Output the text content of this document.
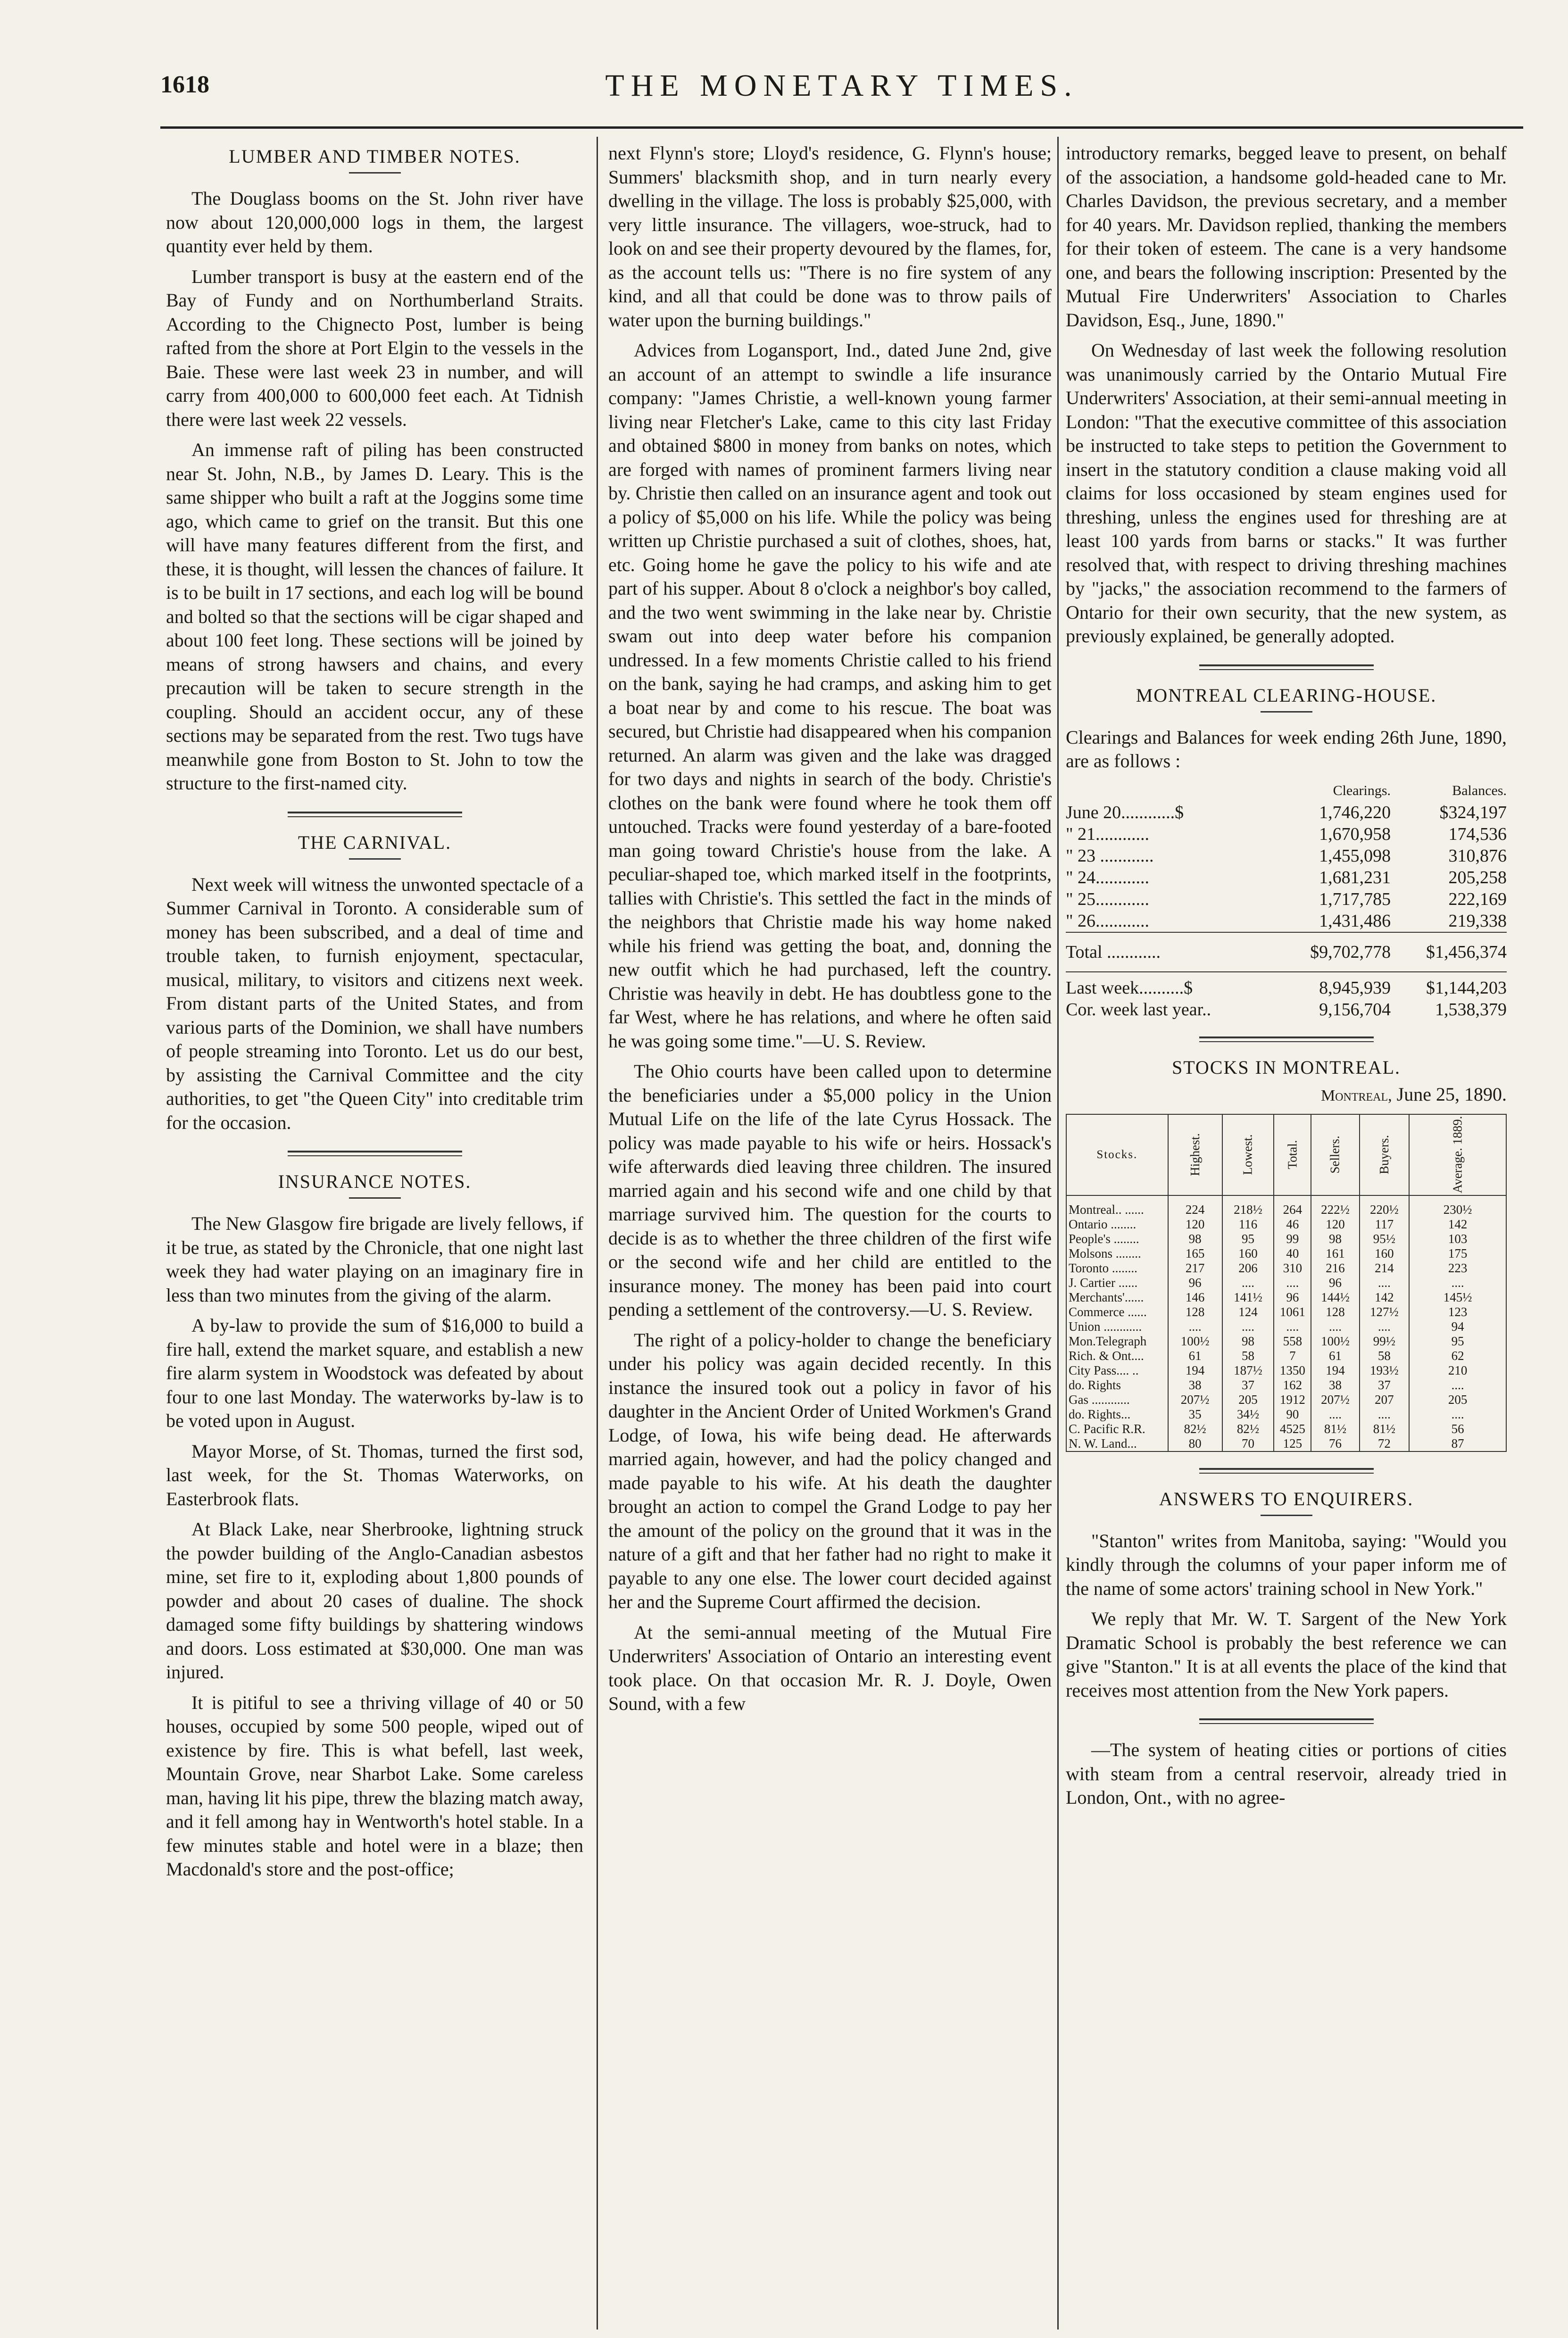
1618	THE MONETARY TIMES.
LUMBER AND TIMBER NOTES.

The Douglass booms on the St. John river have now about 120,000,000 logs in them, the largest quantity ever held by them.

Lumber transport is busy at the eastern end of the Bay of Fundy and on Northumberland Straits. According to the Chignecto Post, lumber is being rafted from the shore at Port Elgin to the vessels in the Baie. These were last week 23 in number, and will carry from 400,000 to 600,000 feet each. At Tidnish there were last week 22 vessels.

An immense raft of piling has been constructed near St. John, N.B., by James D. Leary. This is the same shipper who built a raft at the Joggins some time ago, which came to grief on the transit. But this one will have many features different from the first, and these, it is thought, will lessen the chances of failure. It is to be built in 17 sections, and each log will be bound and bolted so that the sections will be cigar shaped and about 100 feet long. These sections will be joined by means of strong hawsers and chains, and every precaution will be taken to secure strength in the coupling. Should an accident occur, any of these sections may be separated from the rest. Two tugs have meanwhile gone from Boston to St. John to tow the structure to the first-named city.

THE CARNIVAL.

Next week will witness the unwonted spectacle of a Summer Carnival in Toronto. A considerable sum of money has been subscribed, and a deal of time and trouble taken, to furnish enjoyment, spectacular, musical, military, to visitors and citizens next week. From distant parts of the United States, and from various parts of the Dominion, we shall have numbers of people streaming into Toronto. Let us do our best, by assisting the Carnival Committee and the city authorities, to get "the Queen City" into creditable trim for the occasion.

INSURANCE NOTES.

The New Glasgow fire brigade are lively fellows, if it be true, as stated by the Chronicle, that one night last week they had water playing on an imaginary fire in less than two minutes from the giving of the alarm.

A by-law to provide the sum of $16,000 to build a fire hall, extend the market square, and establish a new fire alarm system in Woodstock was defeated by about four to one last Monday. The waterworks by-law is to be voted upon in August.

Mayor Morse, of St. Thomas, turned the first sod, last week, for the St. Thomas Waterworks, on Easterbrook flats.

At Black Lake, near Sherbrooke, lightning struck the powder building of the Anglo-Canadian asbestos mine, set fire to it, exploding about 1,800 pounds of powder and about 20 cases of dualine. The shock damaged some fifty buildings by shattering windows and doors. Loss estimated at $30,000. One man was injured.

It is pitiful to see a thriving village of 40 or 50 houses, occupied by some 500 people, wiped out of existence by fire. This is what befell, last week, Mountain Grove, near Sharbot Lake. Some careless man, having lit his pipe, threw the blazing match away, and it fell among hay in Wentworth's hotel stable. In a few minutes stable and hotel were in a blaze; then Macdonald's store and the post-office;

next Flynn's store; Lloyd's residence, G. Flynn's house; Summers' blacksmith shop, and in turn nearly every dwelling in the village. The loss is probably $25,000, with very little insurance. The villagers, woe-struck, had to look on and see their property devoured by the flames, for, as the account tells us: "There is no fire system of any kind, and all that could be done was to throw pails of water upon the burning buildings."

Advices from Logansport, Ind., dated June 2nd, give an account of an attempt to swindle a life insurance company: "James Christie, a well-known young farmer living near Fletcher's Lake, came to this city last Friday and obtained $800 in money from banks on notes, which are forged with names of prominent farmers living near by. Christie then called on an insurance agent and took out a policy of $5,000 on his life. While the policy was being written up Christie purchased a suit of clothes, shoes, hat, etc. Going home he gave the policy to his wife and ate part of his supper. About 8 o'clock a neighbor's boy called, and the two went swimming in the lake near by. Christie swam out into deep water before his companion undressed. In a few moments Christie called to his friend on the bank, saying he had cramps, and asking him to get a boat near by and come to his rescue. The boat was secured, but Christie had disappeared when his companion returned. An alarm was given and the lake was dragged for two days and nights in search of the body. Christie's clothes on the bank were found where he took them off untouched. Tracks were found yesterday of a bare-footed man going toward Christie's house from the lake. A peculiar-shaped toe, which marked itself in the footprints, tallies with Christie's. This settled the fact in the minds of the neighbors that Christie made his way home naked while his friend was getting the boat, and, donning the new outfit which he had purchased, left the country. Christie was heavily in debt. He has doubtless gone to the far West, where he has relations, and where he often said he was going some time."—U. S. Review.

The Ohio courts have been called upon to determine the beneficiaries under a $5,000 policy in the Union Mutual Life on the life of the late Cyrus Hossack. The policy was made payable to his wife or heirs. Hossack's wife afterwards died leaving three children. The insured married again and his second wife and one child by that marriage survived him. The question for the courts to decide is as to whether the three children of the first wife or the second wife and her child are entitled to the insurance money. The money has been paid into court pending a settlement of the controversy.—U. S. Review.

The right of a policy-holder to change the beneficiary under his policy was again decided recently. In this instance the insured took out a policy in favor of his daughter in the Ancient Order of United Workmen's Grand Lodge, of Iowa, his wife being dead. He afterwards married again, however, and had the policy changed and made payable to his wife. At his death the daughter brought an action to compel the Grand Lodge to pay her the amount of the policy on the ground that it was in the nature of a gift and that her father had no right to make it payable to any one else. The lower court decided against her and the Supreme Court affirmed the decision.

At the semi-annual meeting of the Mutual Fire Underwriters' Association of Ontario an interesting event took place. On that occasion Mr. R. J. Doyle, Owen Sound, with a few

introductory remarks, begged leave to present, on behalf of the association, a handsome gold-headed cane to Mr. Charles Davidson, the previous secretary, and a member for 40 years. Mr. Davidson replied, thanking the members for their token of esteem. The cane is a very handsome one, and bears the following inscription: Presented by the Mutual Fire Underwriters' Association to Charles Davidson, Esq., June, 1890."

On Wednesday of last week the following resolution was unanimously carried by the Ontario Mutual Fire Underwriters' Association, at their semi-annual meeting in London: "That the executive committee of this association be instructed to take steps to petition the Government to insert in the statutory condition a clause making void all claims for loss occasioned by steam engines used for threshing, unless the engines used for threshing are at least 100 yards from barns or stacks." It was further resolved that, with respect to driving threshing machines by "jacks," the association recommend to the farmers of Ontario for their own security, that the new system, as previously explained, be generally adopted.

MONTREAL CLEARING-HOUSE.

Clearings and Balances for week ending 26th June, 1890, are as follows :

	Clearings.	Balances.
June 20............$	1,746,220	$324,197
" 21............	1,670,958	174,536
" 23 ............	1,455,098	310,876
" 24............	1,681,231	205,258
" 25............	1,717,785	222,169
" 26............	1,431,486	219,338
Total ............	$9,702,778	$1,456,374
Last week..........$	8,945,939	$1,144,203
Cor. week last year..	9,156,704	1,538,379
STOCKS IN MONTREAL.
Montreal, June 25, 1890.
Stocks.	Highest.	Lowest.	Total.	Sellers.	Buyers.	Average. 1889.
Montreal.. ......	224	218½	264	222½	220½	230½
Ontario ........	120	116	46	120	117	142
People's ........	98	95	99	98	95½	103
Molsons ........	165	160	40	161	160	175
Toronto ........	217	206	310	216	214	223
J. Cartier ......	96	....	....	96	....	....
Merchants'......	146	141½	96	144½	142	145½
Commerce ......	128	124	1061	128	127½	123
Union ............	....	....	....	....	....	94
Mon.Telegraph	100½	98	558	100½	99½	95
Rich. & Ont....	61	58	7	61	58	62
City Pass.... ..	194	187½	1350	194	193½	210
do. Rights	38	37	162	38	37	....
Gas ............	207½	205	1912	207½	207	205
do. Rights...	35	34½	90	....	....	....
C. Pacific R.R.	82½	82½	4525	81½	81½	56
N. W. Land...	80	70	125	76	72	87
ANSWERS TO ENQUIRERS.

"Stanton" writes from Manitoba, saying: "Would you kindly through the columns of your paper inform me of the name of some actors' training school in New York."

We reply that Mr. W. T. Sargent of the New York Dramatic School is probably the best reference we can give "Stanton." It is at all events the place of the kind that receives most attention from the New York papers.

—The system of heating cities or portions of cities with steam from a central reservoir, already tried in London, Ont., with no agree-
